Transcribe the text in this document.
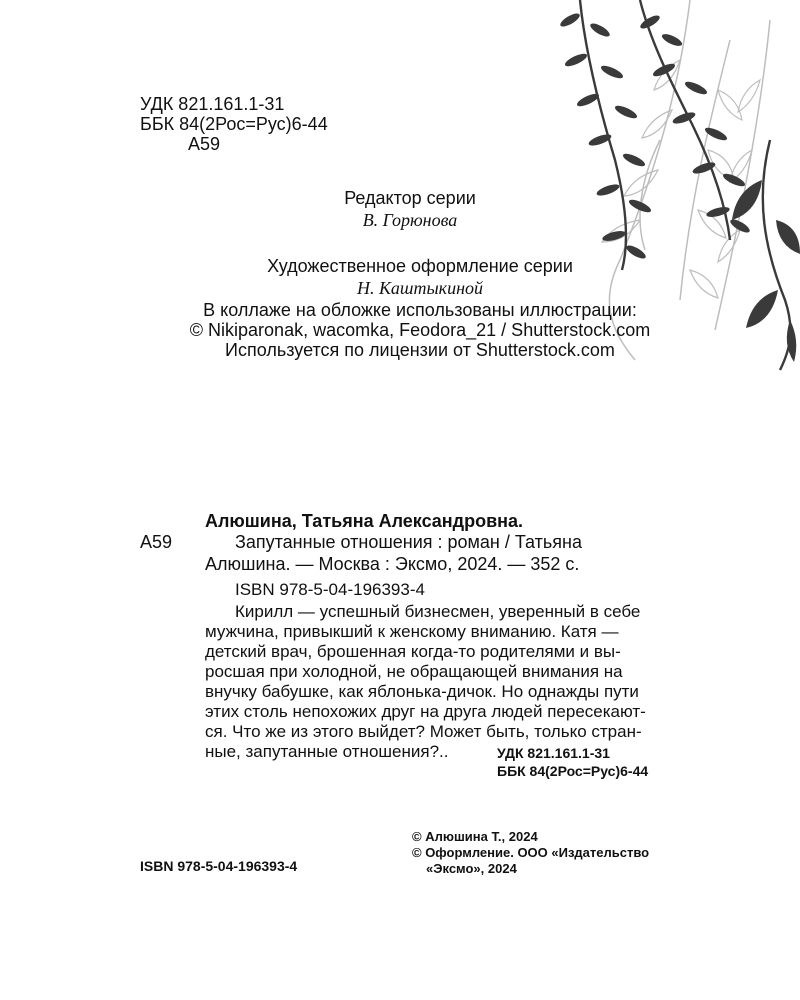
УДК 821.161.1-31
ББК 84(2Рос=Рус)6-44
А59
Редактор серии
В. Горюнова
Художественное оформление серии
Н. Каштыкиной
В коллаже на обложке использованы иллюстрации:
© Nikiparonak, wacomka, Feodora_21 / Shutterstock.com
Используется по лицензии от Shutterstock.com
Алюшина, Татьяна Александровна.
А59	Запутанные отношения : роман / Татьяна
Алюшина. — Москва : Эксмо, 2024. — 352 с.
ISBN 978-5-04-196393-4
Кирилл — успешный бизнесмен, уверенный в себе
мужчина, привыкший к женскому вниманию. Катя —
детский врач, брошенная когда-то родителями и вы-
росшая при холодной, не обращающей внимания на
внучку бабушке, как яблонька-дичок. Но однажды пути
этих столь непохожих друг на друга людей пересекают-
ся. Что же из этого выйдет? Может быть, только стран-
ные, запутанные отношения?..	УДК 821.161.1-31
ББК 84(2Рос=Рус)6-44
ISBN 978-5-04-196393-4
© Алюшина Т., 2024
© Оформление. ООО «Издательство
«Эксмо», 2024
